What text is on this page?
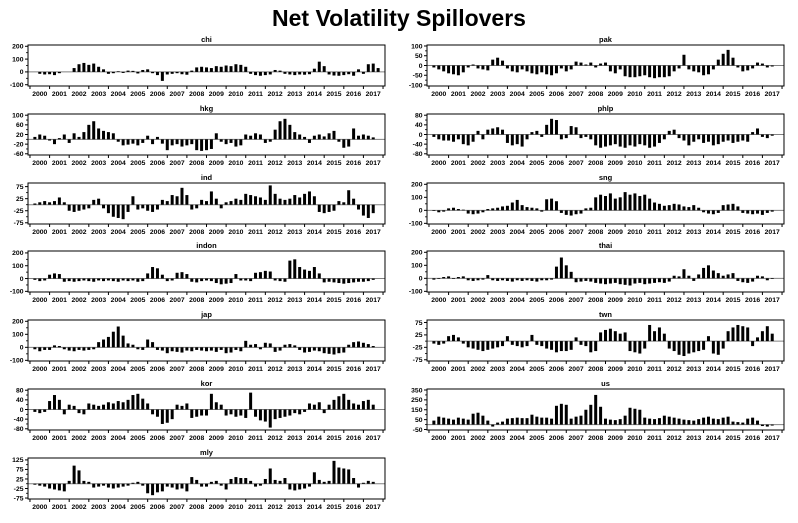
Net Volatility Spillovers
chi
200
100
0
-100
2000 2001 2002 2003 2004 2005 2006 2007 2008 2009 2010 2011 2012 2013 2014 2015 2016 2017
hkg
100
60
20
-20
-60
2000 2001 2002 2003 2004 2005 2006 2007 2008 2009 2010 2011 2012 2013 2014 2015 2016 2017
ind
75
25
-25
-75
2000 2001 2002 2003 2004 2005 2006 2007 2008 2009 2010 2011 2012 2013 2014 2015 2016 2017
indon
200
100
0
-100
2000 2001 2002 2003 2004 2005 2006 2007 2008 2009 2010 2011 2012 2013 2014 2015 2016 2017
jap
200
100
0
-100
2000 2001 2002 2003 2004 2005 2006 2007 2008 2009 2010 2011 2012 2013 2014 2015 2016 2017
kor
80
40
0
-40
-80
2000 2001 2002 2003 2004 2005 2006 2007 2008 2009 2010 2011 2012 2013 2014 2015 2016 2017
mly
125
75
25
-25
-75
2000 2001 2002 2003 2004 2005 2006 2007 2008 2009 2010 2011 2012 2013 2014 2015 2016 2017
pak
100
50
0
-50
-100
2000 2001 2002 2003 2004 2005 2006 2007 2008 2009 2010 2011 2012 2013 2014 2015 2016 2017
phlp
80
40
0
-40
-80
2000 2001 2002 2003 2004 2005 2006 2007 2008 2009 2010 2011 2012 2013 2014 2015 2016 2017
sng
200
100
0
-100
2000 2001 2002 2003 2004 2005 2006 2007 2008 2009 2010 2011 2012 2013 2014 2015 2016 2017
thai
200
100
0
-100
2000 2001 2002 2003 2004 2005 2006 2007 2008 2009 2010 2011 2012 2013 2014 2015 2016 2017
twn
75
25
-25
-75
2000 2001 2002 2003 2004 2005 2006 2007 2008 2009 2010 2011 2012 2013 2014 2015 2016 2017
us
350
250
150
50
-50
2000 2001 2002 2003 2004 2005 2006 2007 2008 2009 2010 2011 2012 2013 2014 2015 2016 2017
